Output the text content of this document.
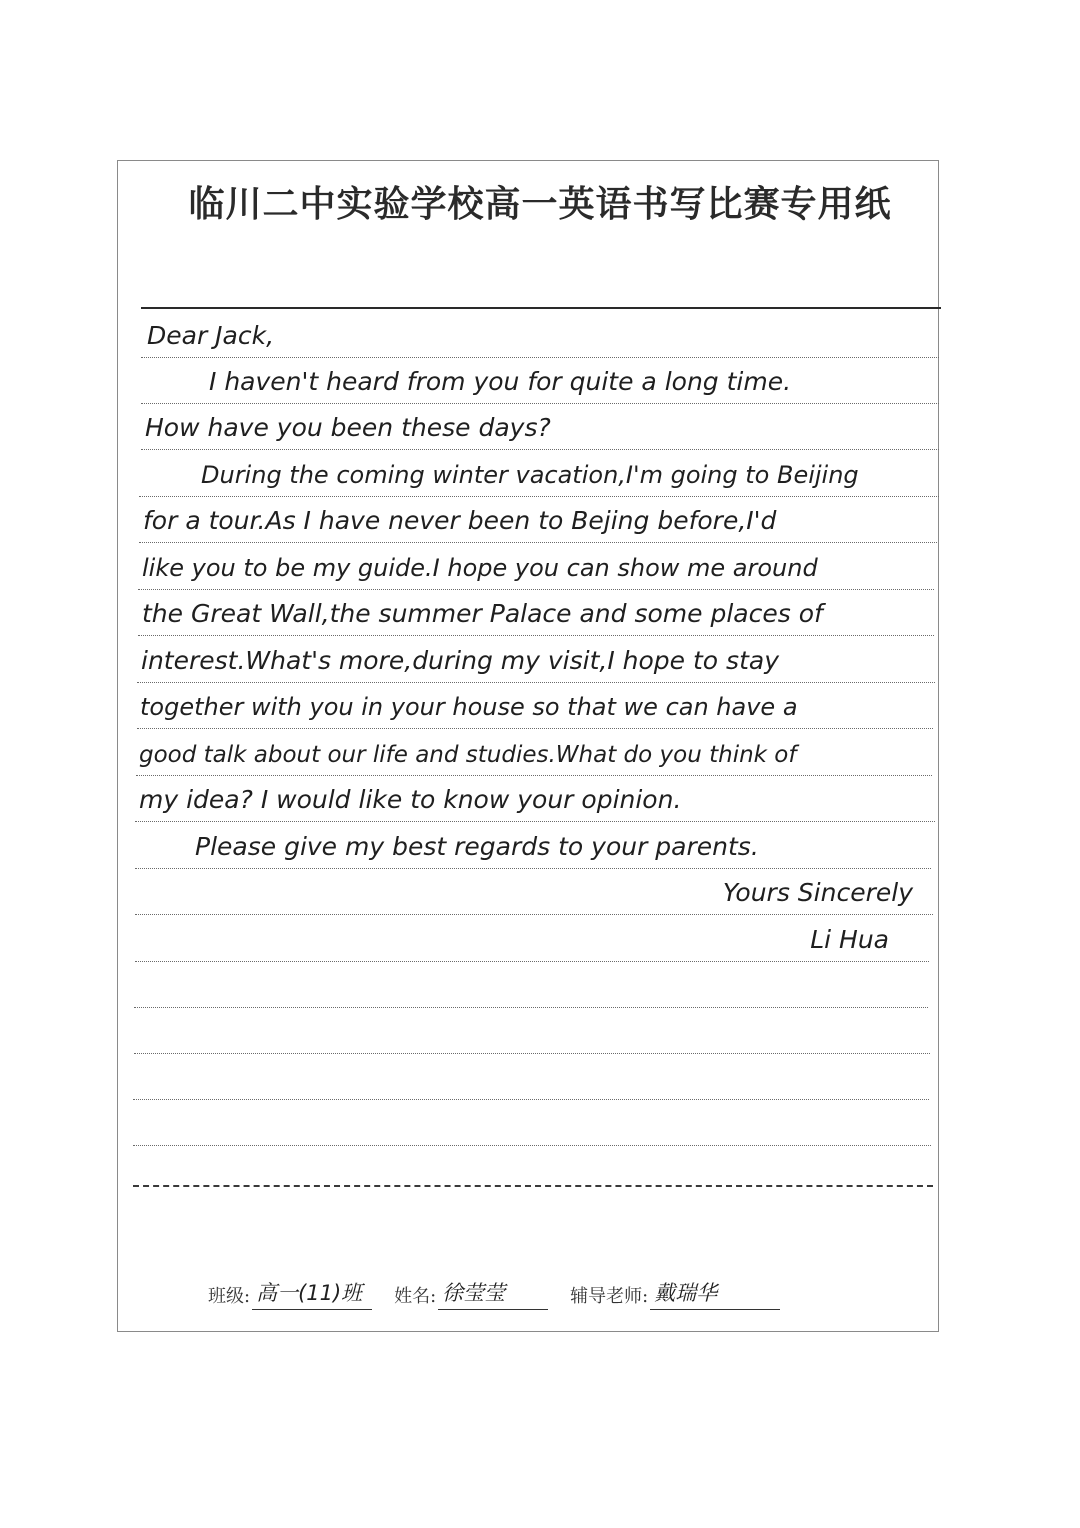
临川二中实验学校高一英语书写比赛专用纸
Dear Jack,
I haven't heard from you for quite a long time.
How have you been these days?
During the coming winter vacation,I'm going to Beijing
for a tour.As I have never been to Bejing before,I'd
like you to be my guide.I hope you can show me around
the Great Wall,the summer Palace and some places of
interest.What's more,during my visit,I hope to stay
together with you in your house so that we can have a
good talk about our life and studies.What do you think of
my idea? I would like to know your opinion.
Please give my best regards to your parents.
Yours Sincerely
Li Hua
班级: 高一(11)班	姓名: 徐莹莹	辅导老师: 戴瑞华
